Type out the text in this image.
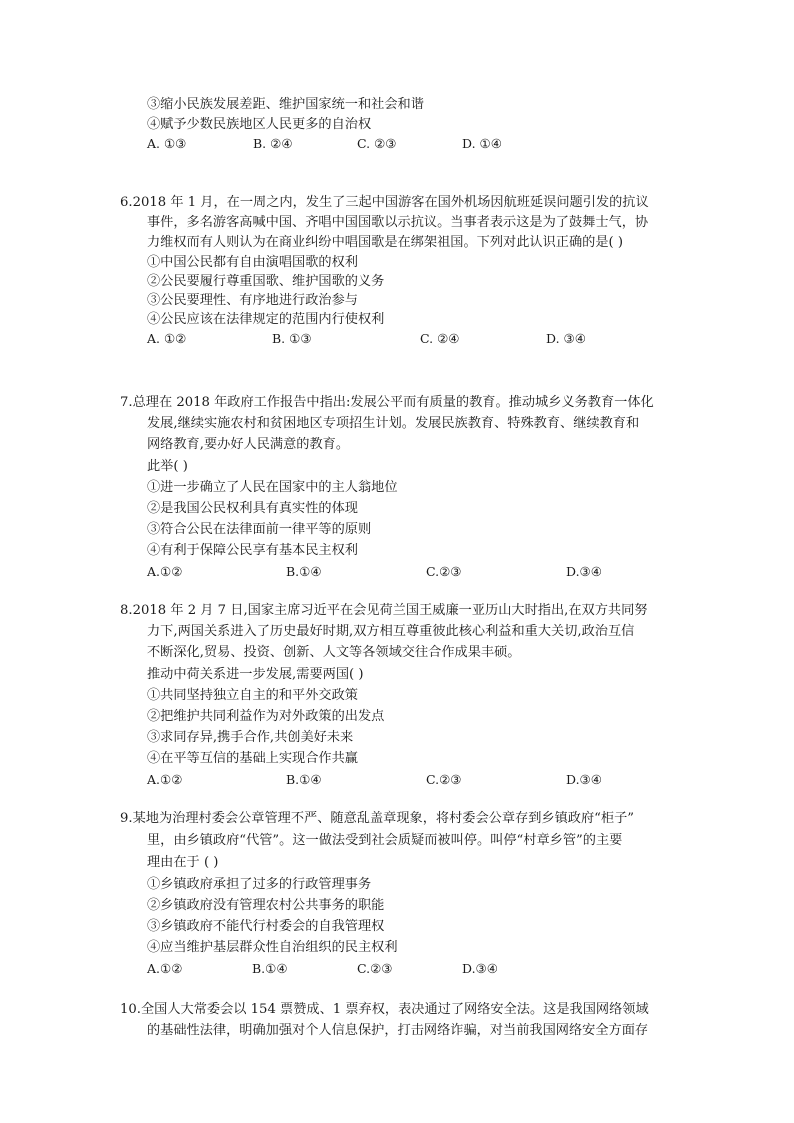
③缩小民族发展差距、维护国家统一和社会和谐
④赋予少数民族地区人民更多的自治权
A. ①③	B. ②④	C. ②③	D. ①④
6.2018 年 1 月，在一周之内，发生了三起中国游客在国外机场因航班延误问题引发的抗议
事件，多名游客高喊中国、齐唱中国国歌以示抗议。当事者表示这是为了鼓舞士气，协
力维权而有人则认为在商业纠纷中唱国歌是在绑架祖国。下列对此认识正确的是( )
①中国公民都有自由演唱国歌的权利
②公民要履行尊重国歌、维护国歌的义务
③公民要理性、有序地进行政治参与
④公民应该在法律规定的范围内行使权利
A. ①②	B. ①③	C. ②④	D. ③④
7.总理在 2018 年政府工作报告中指出:发展公平而有质量的教育。推动城乡义务教育一体化
发展,继续实施农村和贫困地区专项招生计划。发展民族教育、特殊教育、继续教育和
网络教育,要办好人民满意的教育。
此举( )
①进一步确立了人民在国家中的主人翁地位
②是我国公民权利具有真实性的体现
③符合公民在法律面前一律平等的原则
④有利于保障公民享有基本民主权利
A.①②	B.①④	C.②③	D.③④
8.2018 年 2 月 7 日,国家主席习近平在会见荷兰国王威廉一亚历山大时指出,在双方共同努
力下,两国关系进入了历史最好时期,双方相互尊重彼此核心利益和重大关切,政治互信
不断深化,贸易、投资、创新、人文等各领域交往合作成果丰硕。
推动中荷关系进一步发展,需要两国( )
①共同坚持独立自主的和平外交政策
②把维护共同利益作为对外政策的出发点
③求同存异,携手合作,共创美好未来
④在平等互信的基础上实现合作共赢
A.①②	B.①④	C.②③	D.③④
9.某地为治理村委会公章管理不严、随意乱盖章现象，将村委会公章存到乡镇政府“柜子”
里，由乡镇政府“代管”。这一做法受到社会质疑而被叫停。叫停“村章乡管”的主要
理由在于 ( )
①乡镇政府承担了过多的行政管理事务
②乡镇政府没有管理农村公共事务的职能
③乡镇政府不能代行村委会的自我管理权
④应当维护基层群众性自治组织的民主权利
A.①②	B.①④	C.②③	D.③④
10.全国人大常委会以 154 票赞成、1 票弃权，表决通过了网络安全法。这是我国网络领域
的基础性法律，明确加强对个人信息保护，打击网络诈骗，对当前我国网络安全方面存
